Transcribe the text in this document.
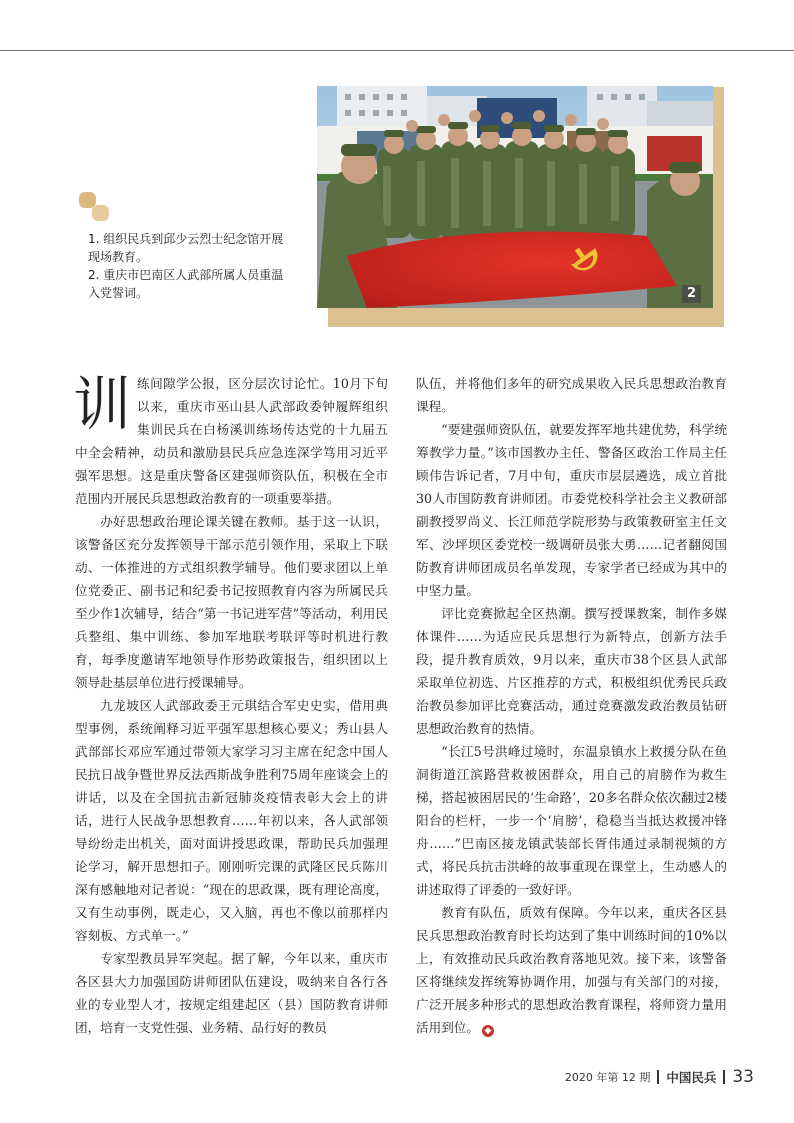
2
1. 组织民兵到邱少云烈士纪念馆开展现场教育。
2. 重庆市巴南区人武部所属人员重温入党誓词。

训练间隙学公报，区分层次讨论忙。10月下旬以来，重庆市巫山县人武部政委钟履辉组织集训民兵在白杨溪训练场传达党的十九届五中全会精神，动员和激励县民兵应急连深学笃用习近平强军思想。这是重庆警备区建强师资队伍，积极在全市范围内开展民兵思想政治教育的一项重要举措。

办好思想政治理论课关键在教师。基于这一认识，该警备区充分发挥领导干部示范引领作用，采取上下联动、一体推进的方式组织教学辅导。他们要求团以上单位党委正、副书记和纪委书记按照教育内容为所属民兵至少作1次辅导，结合“第一书记进军营”等活动，利用民兵整组、集中训练、参加军地联考联评等时机进行教育，每季度邀请军地领导作形势政策报告，组织团以上领导赴基层单位进行授课辅导。

九龙坡区人武部政委王元琪结合军史史实，借用典型事例，系统阐释习近平强军思想核心要义；秀山县人武部部长邓应军通过带领大家学习习主席在纪念中国人民抗日战争暨世界反法西斯战争胜利75周年座谈会上的讲话，以及在全国抗击新冠肺炎疫情表彰大会上的讲话，进行人民战争思想教育……年初以来，各人武部领导纷纷走出机关，面对面讲授思政课，帮助民兵加强理论学习，解开思想扣子。刚刚听完课的武隆区民兵陈川深有感触地对记者说：“现在的思政课，既有理论高度，又有生动事例，既走心，又入脑，再也不像以前那样内容刻板、方式单一。”

专家型教员异军突起。据了解，今年以来，重庆市各区县大力加强国防讲师团队伍建设，吸纳来自各行各业的专业型人才，按规定组建起区（县）国防教育讲师团，培育一支党性强、业务精、品行好的教员

队伍，并将他们多年的研究成果收入民兵思想政治教育课程。

“要建强师资队伍，就要发挥军地共建优势，科学统筹教学力量。”该市国教办主任、警备区政治工作局主任顾伟告诉记者，7月中旬，重庆市层层遴选，成立首批30人市国防教育讲师团。市委党校科学社会主义教研部副教授罗尚义、长江师范学院形势与政策教研室主任文军、沙坪坝区委党校一级调研员张大勇……记者翻阅国防教育讲师团成员名单发现，专家学者已经成为其中的中坚力量。

评比竞赛掀起全区热潮。撰写授课教案，制作多媒体课件……为适应民兵思想行为新特点，创新方法手段，提升教育质效，9月以来，重庆市38个区县人武部采取单位初选、片区推荐的方式，积极组织优秀民兵政治教员参加评比竞赛活动，通过竞赛激发政治教员钻研思想政治教育的热情。

“长江5号洪峰过境时，东温泉镇水上救援分队在鱼洞街道江滨路营救被困群众，用自己的肩膀作为救生梯，搭起被困居民的‘生命路’，20多名群众依次翻过2楼阳台的栏杆，一步一个‘肩膀’，稳稳当当抵达救援冲锋舟……”巴南区接龙镇武装部长胥伟通过录制视频的方式，将民兵抗击洪峰的故事重现在课堂上，生动感人的讲述取得了评委的一致好评。

教育有队伍，质效有保障。今年以来，重庆各区县民兵思想政治教育时长均达到了集中训练时间的10%以上，有效推动民兵政治教育落地见效。接下来，该警备区将继续发挥统筹协调作用，加强与有关部门的对接，广泛开展多种形式的思想政治教育课程，将师资力量用活用到位。 ◆

2020 年第 12 期 中国民兵 33
